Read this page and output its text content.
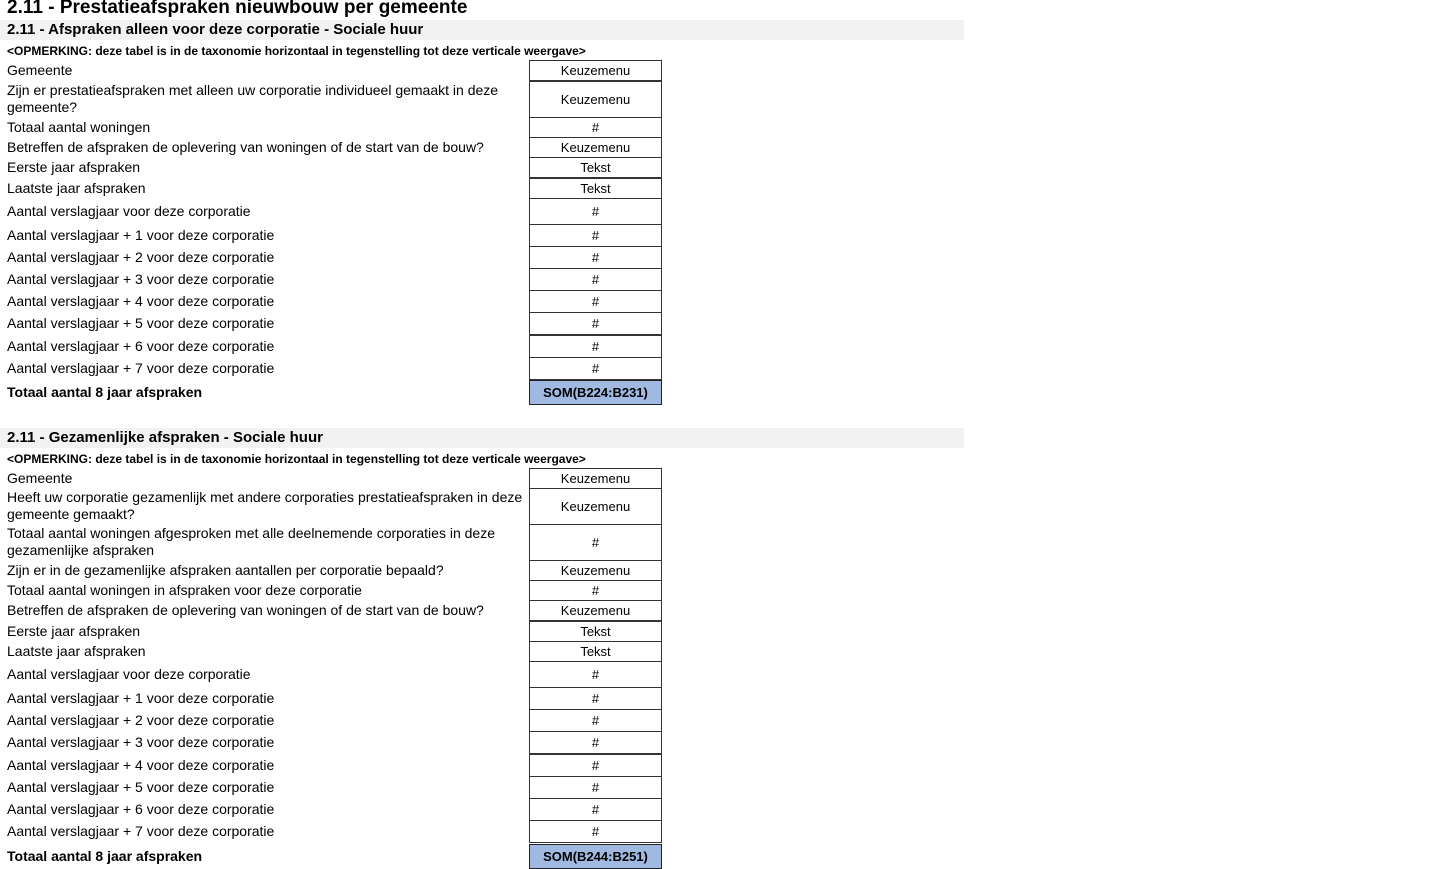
2.11 - Prestatieafspraken nieuwbouw per gemeente
2.11 - Afspraken alleen voor deze corporatie - Sociale huur
<OPMERKING: deze tabel is in de taxonomie horizontaal in tegenstelling tot deze verticale weergave>
Gemeente	Keuzemenu
Zijn er prestatieafspraken met alleen uw corporatie individueel gemaakt in deze gemeente?	Keuzemenu
Totaal aantal woningen	#
Betreffen de afspraken de oplevering van woningen of de start van de bouw?	Keuzemenu
Eerste jaar afspraken	Tekst
Laatste jaar afspraken	Tekst
Aantal verslagjaar voor deze corporatie	#
Aantal verslagjaar + 1 voor deze corporatie	#
Aantal verslagjaar + 2 voor deze corporatie	#
Aantal verslagjaar + 3 voor deze corporatie	#
Aantal verslagjaar + 4 voor deze corporatie	#
Aantal verslagjaar + 5 voor deze corporatie	#
Aantal verslagjaar + 6 voor deze corporatie	#
Aantal verslagjaar + 7 voor deze corporatie	#
Totaal aantal 8 jaar afspraken	SOM(B224:B231)
2.11 - Gezamenlijke afspraken - Sociale huur
<OPMERKING: deze tabel is in de taxonomie horizontaal in tegenstelling tot deze verticale weergave>
Gemeente	Keuzemenu
Heeft uw corporatie gezamenlijk met andere corporaties prestatieafspraken in deze gemeente gemaakt?	Keuzemenu
Totaal aantal woningen afgesproken met alle deelnemende corporaties in deze gezamenlijke afspraken	#
Zijn er in de gezamenlijke afspraken aantallen per corporatie bepaald?	Keuzemenu
Totaal aantal woningen in afspraken voor deze corporatie	#
Betreffen de afspraken de oplevering van woningen of de start van de bouw?	Keuzemenu
Eerste jaar afspraken	Tekst
Laatste jaar afspraken	Tekst
Aantal verslagjaar voor deze corporatie	#
Aantal verslagjaar + 1 voor deze corporatie	#
Aantal verslagjaar + 2 voor deze corporatie	#
Aantal verslagjaar + 3 voor deze corporatie	#
Aantal verslagjaar + 4 voor deze corporatie	#
Aantal verslagjaar + 5 voor deze corporatie	#
Aantal verslagjaar + 6 voor deze corporatie	#
Aantal verslagjaar + 7 voor deze corporatie	#
Totaal aantal 8 jaar afspraken	SOM(B244:B251)
